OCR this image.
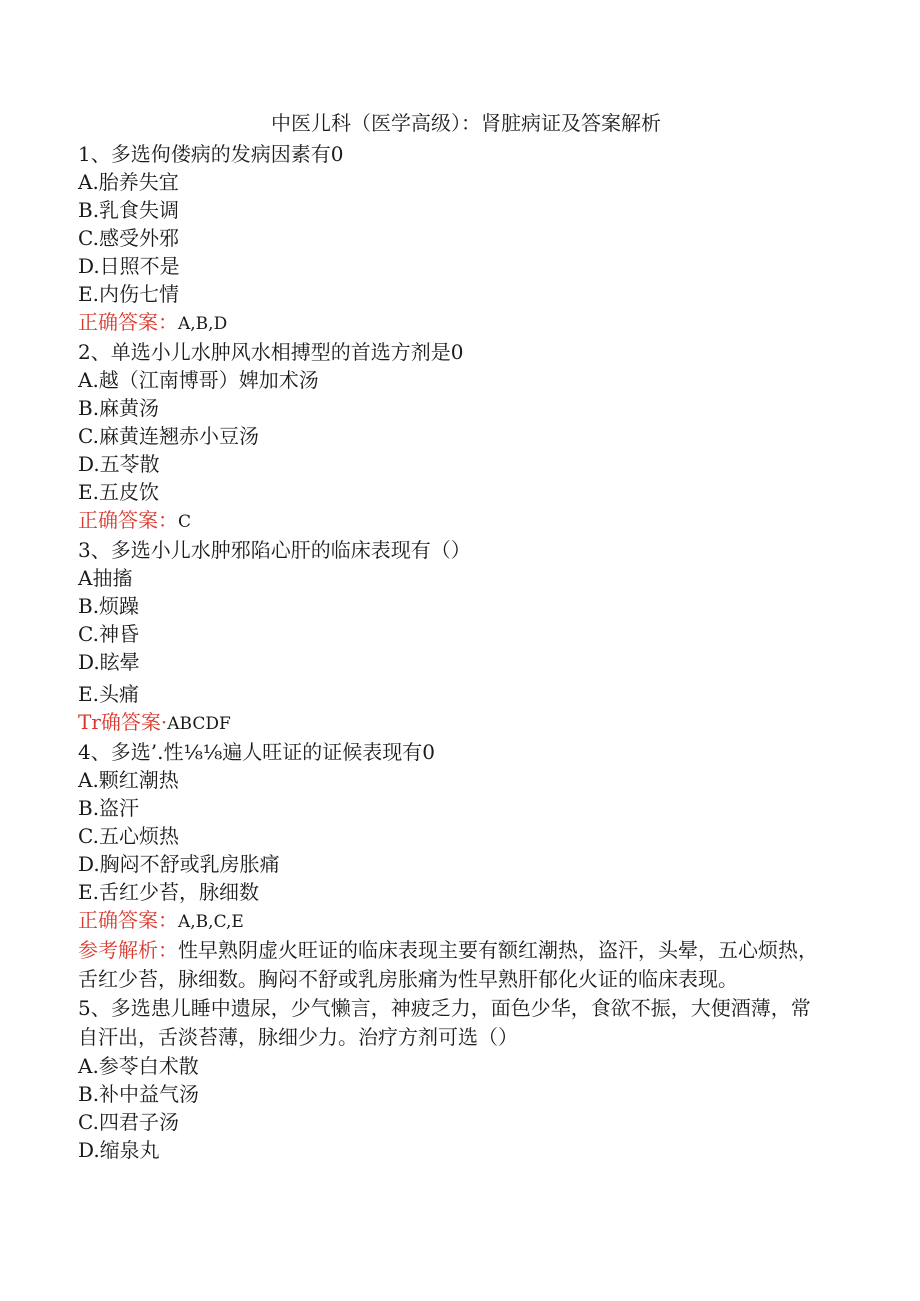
中医儿科（医学高级）：肾脏病证及答案解析

1、多选佝偻病的发病因素有0

A.胎养失宜

B.乳食失调

C.感受外邪

D.日照不是

E.内伤七情

正确答案：A,B,D

2、单选小儿水肿风水相搏型的首选方剂是0

A.越（江南博哥）婢加术汤

B.麻黄汤

C.麻黄连翘赤小豆汤

D.五苓散

E.五皮饮

正确答案：C

3、多选小儿水肿邪陷心肝的临床表现有（）

A抽搐

B.烦躁

C.神昏

D.眩晕

E.头痛

Tr确答案·ABCDF

4、多选’.性⅛⅛遍人旺证的证候表现有0

A.颗红潮热

B.盗汗

C.五心烦热

D.胸闷不舒或乳房胀痛

E.舌红少苔，脉细数

正确答案：A,B,C,E

参考解析：性早熟阴虚火旺证的临床表现主要有额红潮热，盗汗，头晕，五心烦热，舌红少苔，脉细数。胸闷不舒或乳房胀痛为性早熟肝郁化火证的临床表现。

5、多选患儿睡中遗尿，少气懒言，神疲乏力，面色少华，食欲不振，大便酒薄，常自汗出，舌淡苔薄，脉细少力。治疗方剂可选（）

A.参苓白术散

B.补中益气汤

C.四君子汤

D.缩泉丸
